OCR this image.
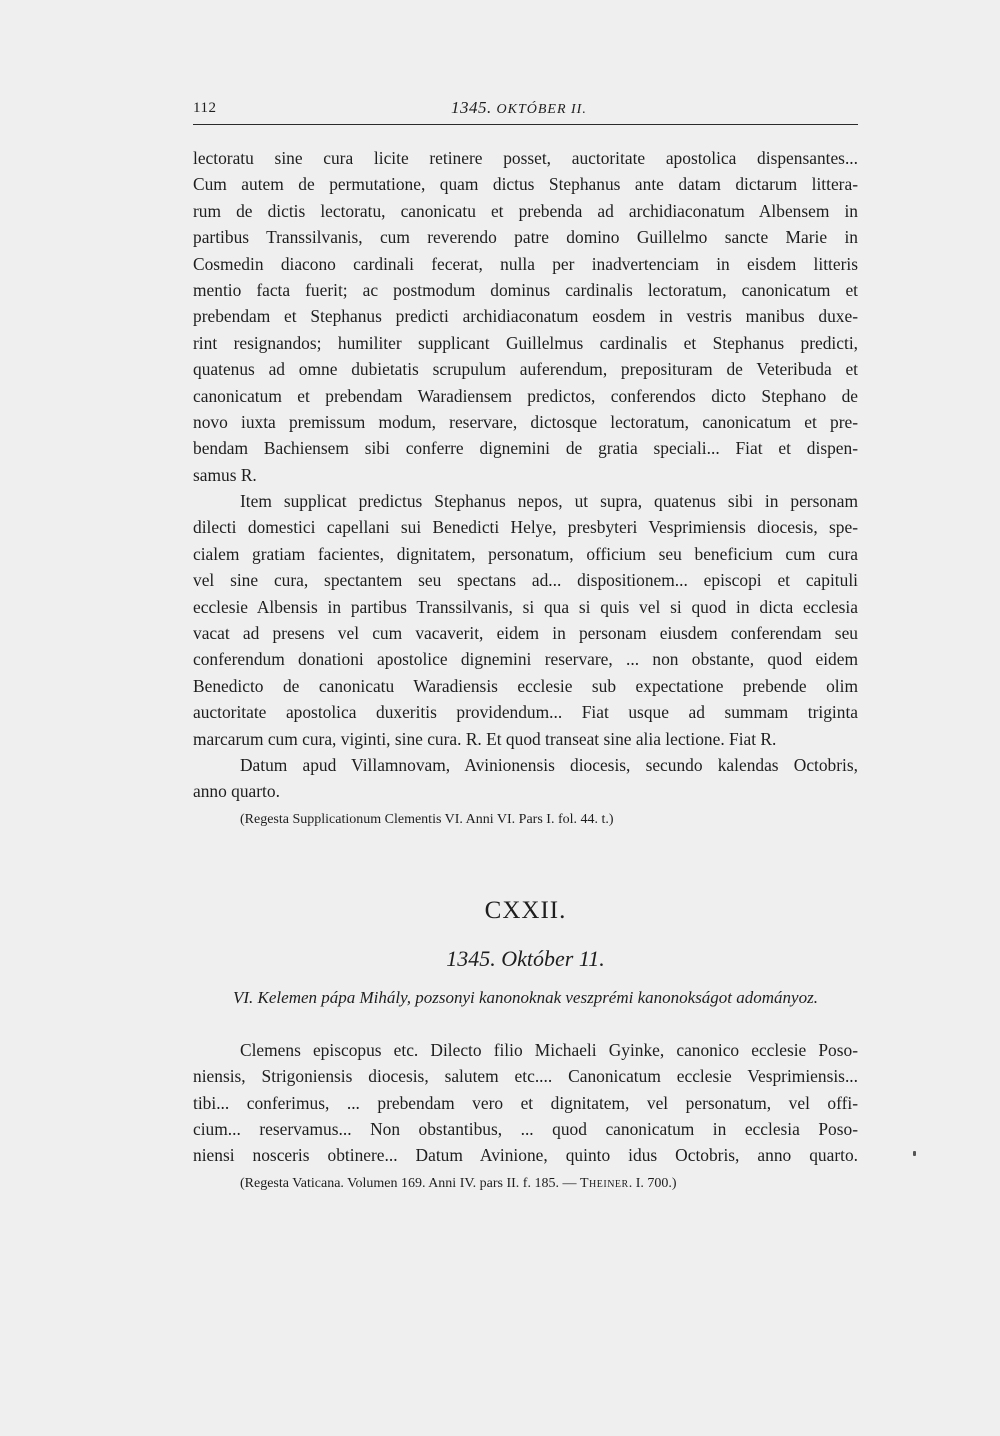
112	1345. OKTÓBER II.
lectoratu sine cura licite retinere posset, auctoritate apostolica dispensantes...
Cum autem de permutatione, quam dictus Stephanus ante datam dictarum littera-
rum de dictis lectoratu, canonicatu et prebenda ad archidiaconatum Albensem in
partibus Transsilvanis, cum reverendo patre domino Guillelmo sancte Marie in
Cosmedin diacono cardinali fecerat, nulla per inadvertenciam in eisdem litteris
mentio facta fuerit; ac postmodum dominus cardinalis lectoratum, canonicatum et
prebendam et Stephanus predicti archidiaconatum eosdem in vestris manibus duxe-
rint resignandos; humiliter supplicant Guillelmus cardinalis et Stephanus predicti,
quatenus ad omne dubietatis scrupulum auferendum, preposituram de Veteribuda et
canonicatum et prebendam Waradiensem predictos, conferendos dicto Stephano de
novo iuxta premissum modum, reservare, dictosque lectoratum, canonicatum et pre-
bendam Bachiensem sibi conferre dignemini de gratia speciali... Fiat et dispen-
samus R.
Item supplicat predictus Stephanus nepos, ut supra, quatenus sibi in personam
dilecti domestici capellani sui Benedicti Helye, presbyteri Vesprimiensis diocesis, spe-
cialem gratiam facientes, dignitatem, personatum, officium seu beneficium cum cura
vel sine cura, spectantem seu spectans ad... dispositionem... episcopi et capituli
ecclesie Albensis in partibus Transsilvanis, si qua si quis vel si quod in dicta ecclesia
vacat ad presens vel cum vacaverit, eidem in personam eiusdem conferendam seu
conferendum donationi apostolice dignemini reservare, ... non obstante, quod eidem
Benedicto de canonicatu Waradiensis ecclesie sub expectatione prebende olim
auctoritate apostolica duxeritis providendum... Fiat usque ad summam triginta
marcarum cum cura, viginti, sine cura. R. Et quod transeat sine alia lectione. Fiat R.
Datum apud Villamnovam, Avinionensis diocesis, secundo kalendas Octobris,
anno quarto.
(Regesta Supplicationum Clementis VI. Anni VI. Pars I. fol. 44. t.)
CXXII.
1345. Október 11.
VI. Kelemen pápa Mihály, pozsonyi kanonoknak veszprémi kanonokságot adományoz.
Clemens episcopus etc. Dilecto filio Michaeli Gyinke, canonico ecclesie Poso-
niensis, Strigoniensis diocesis, salutem etc.... Canonicatum ecclesie Vesprimiensis...
tibi... conferimus, ... prebendam vero et dignitatem, vel personatum, vel offi-
cium... reservamus... Non obstantibus, ... quod canonicatum in ecclesia Poso-
niensi nosceris obtinere... Datum Avinione, quinto idus Octobris, anno quarto.
(Regesta Vaticana. Volumen 169. Anni IV. pars II. f. 185. — Theiner. I. 700.)
